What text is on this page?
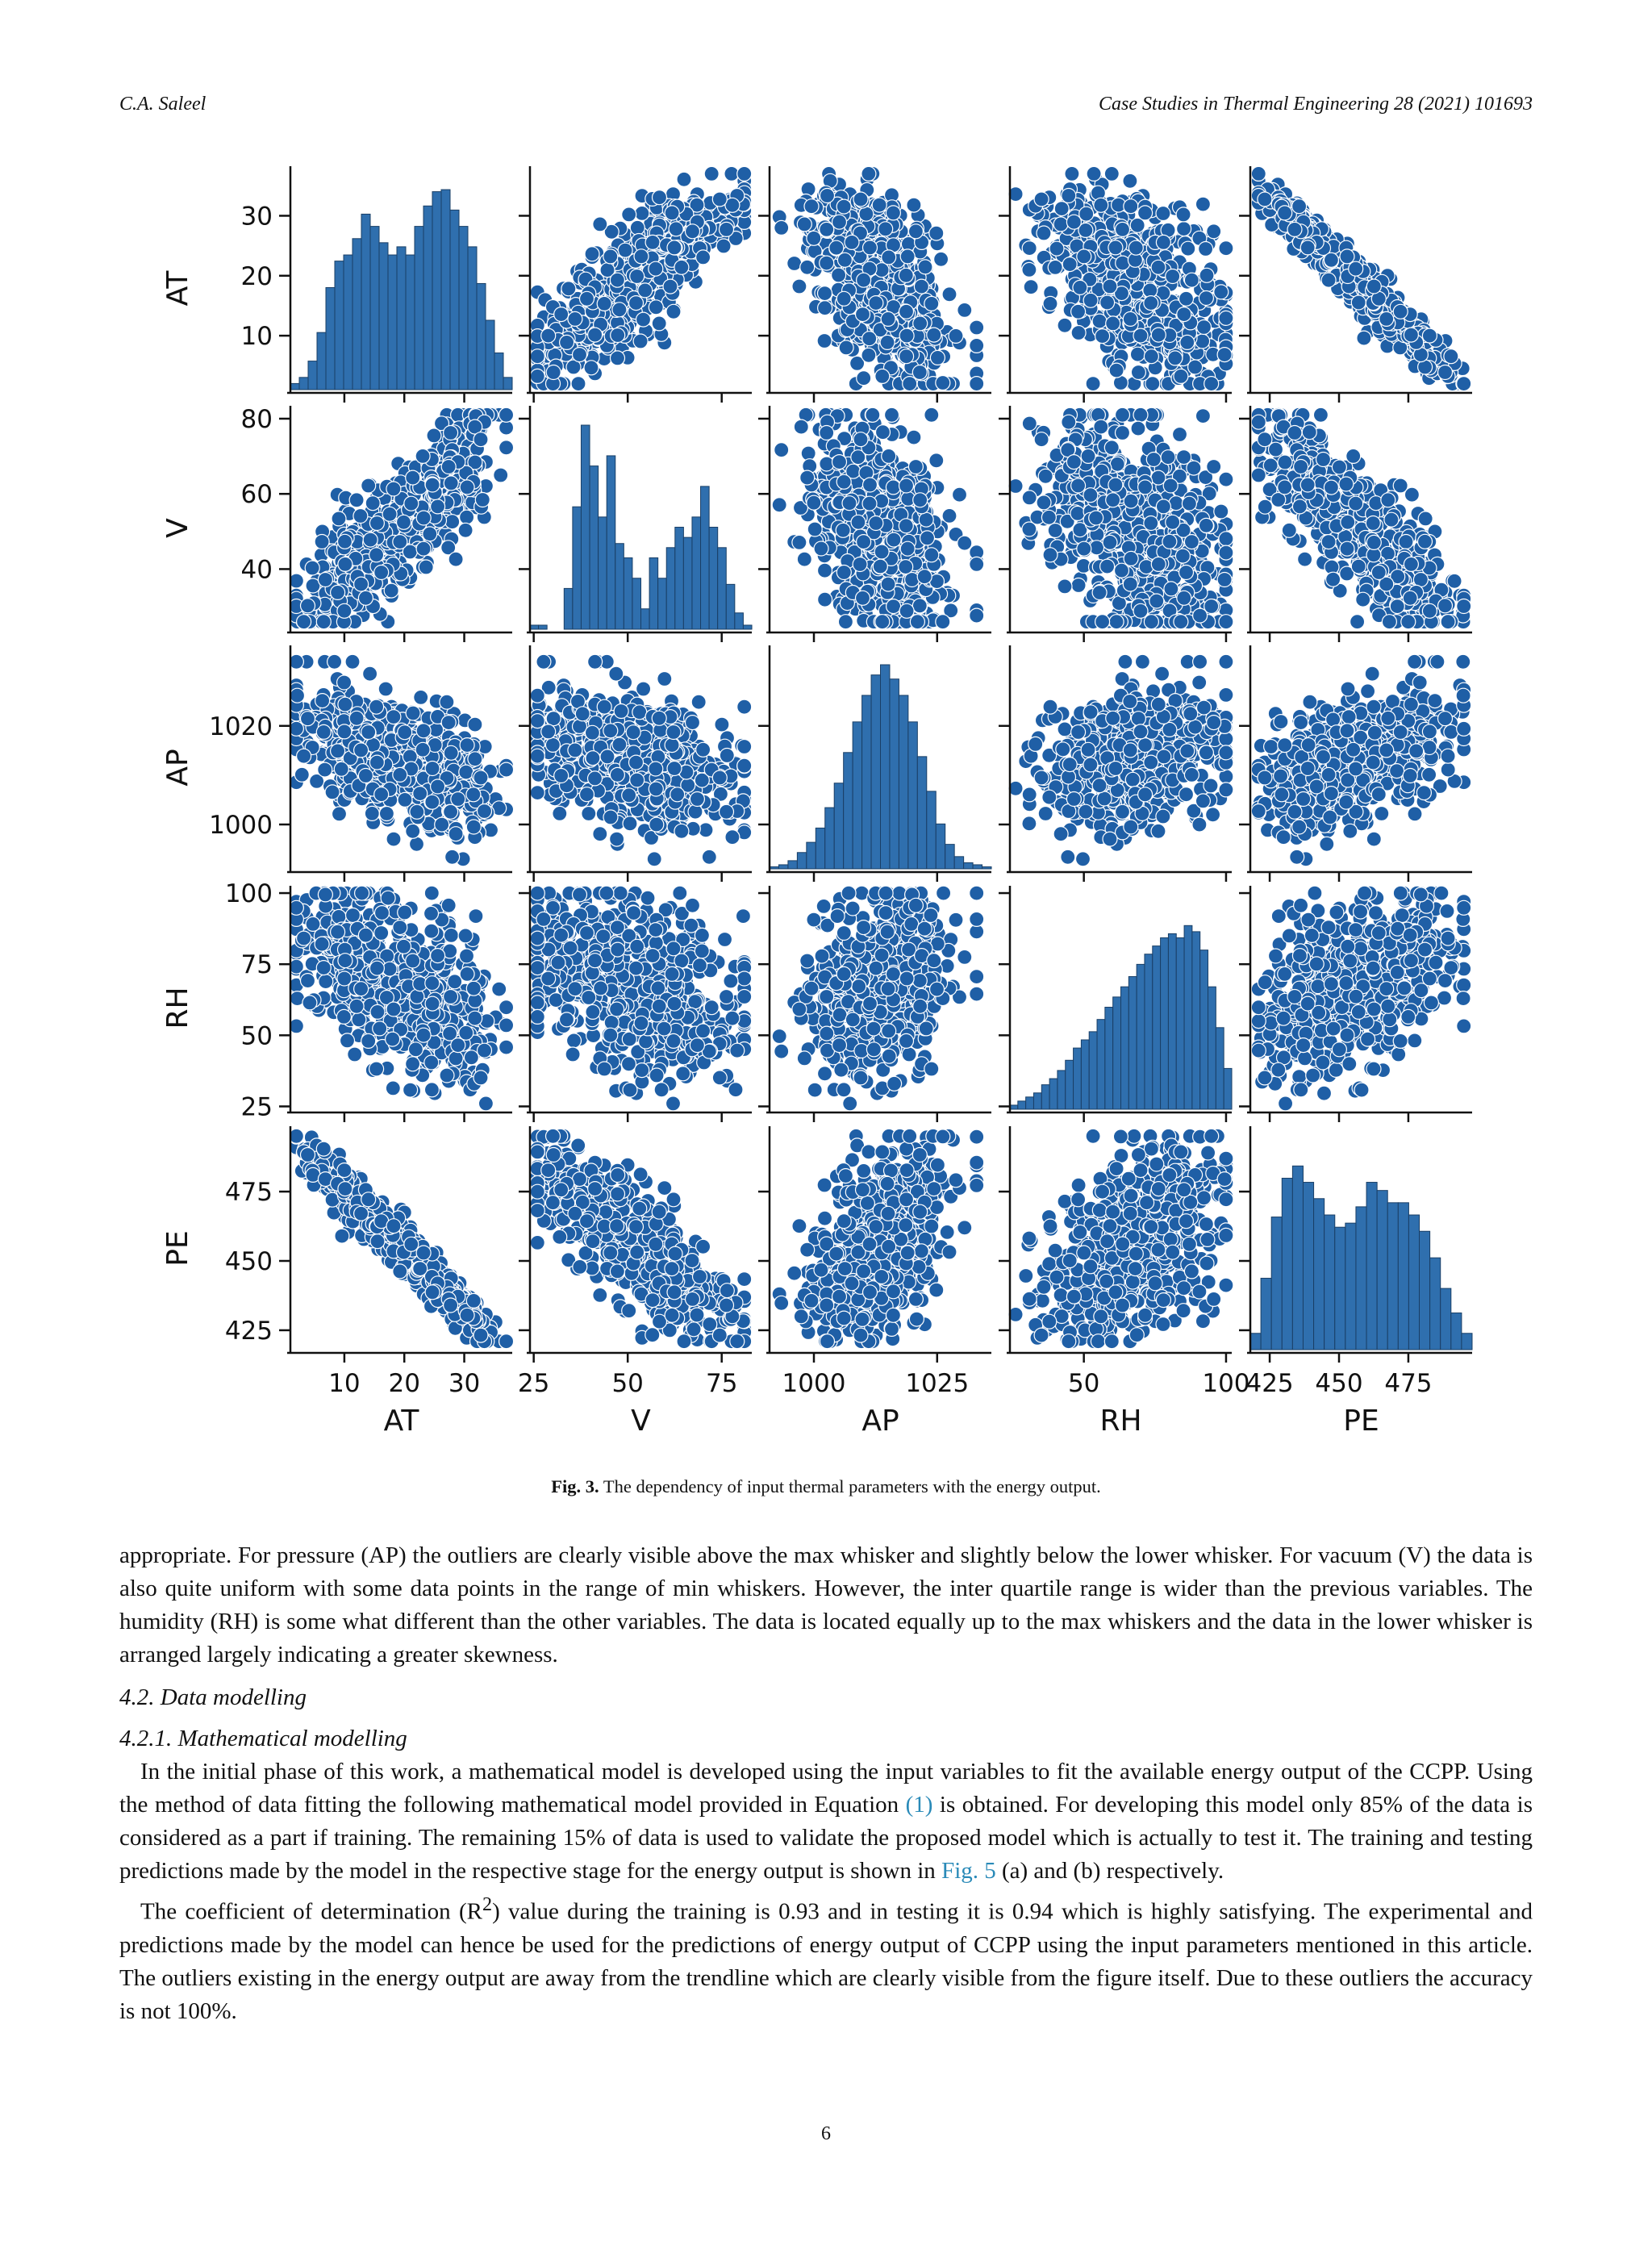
C.A. Saleel	Case Studies in Thermal Engineering 28 (2021) 101693
10
20
30
AT
40
60
80
V
1000
1020
AP
25
50
75
100
RH
425
450
475
PE
10 20 30
AT
25 50 75
V
1000 1025
AP
50	100
RH
425 450 475
PE
Fig. 3. The dependency of input thermal parameters with the energy output.

appropriate. For pressure (AP) the outliers are clearly visible above the max whisker and slightly below the lower whisker. For vacuum (V) the data is also quite uniform with some data points in the range of min whiskers. However, the inter quartile range is wider than the previous variables. The humidity (RH) is some what different than the other variables. The data is located equally up to the max whiskers and the data in the lower whisker is arranged largely indicating a greater skewness.

4.2. Data modelling

4.2.1. Mathematical modelling

In the initial phase of this work, a mathematical model is developed using the input variables to fit the available energy output of the CCPP. Using the method of data fitting the following mathematical model provided in Equation (1) is obtained. For developing this model only 85% of the data is considered as a part if training. The remaining 15% of data is used to validate the proposed model which is actually to test it. The training and testing predictions made by the model in the respective stage for the energy output is shown in Fig. 5 (a) and (b) respectively.

The coefficient of determination $(R^2)$ value during the training is 0.93 and in testing it is 0.94 which is highly satisfying. The experimental and predictions made by the model can hence be used for the predictions of energy output of CCPP using the input parameters mentioned in this article. The outliers existing in the energy output are away from the trendline which are clearly visible from the figure itself. Due to these outliers the accuracy is not 100%.

6
